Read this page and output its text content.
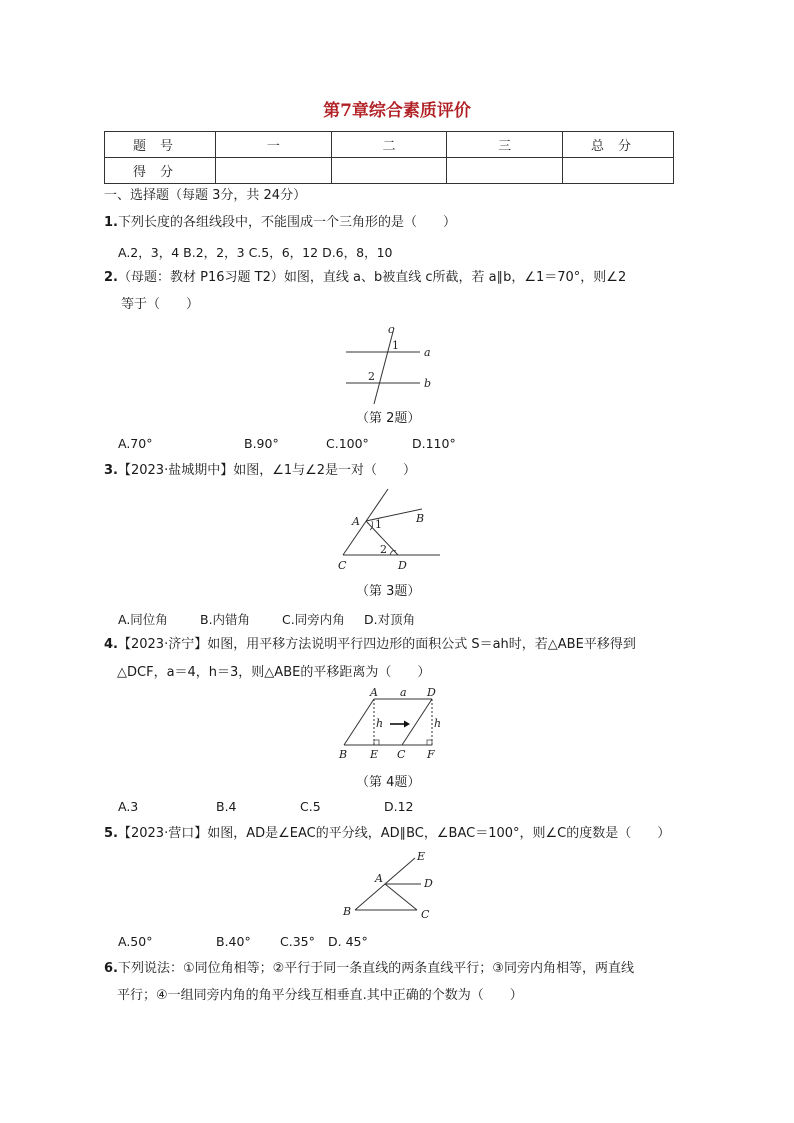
第7章综合素质评价
题号	一	二	三	总分
得分				
一、选择题（每题 3分，共 24分）
1.下列长度的各组线段中，不能围成一个三角形的是（　　）
A.2，3，4 B.2，2，3 C.5，6，12 D.6，8，10
2.（母题：教材 P16习题 T2）如图，直线 a、b被直线 c所截，若 a∥b，∠1＝70°，则∠2
等于（　　）
c
1
a
2
b
（第 2题）
A.70°	B.90°	C.100°	D.110°
3.【2023·盐城期中】如图，∠1与∠2是一对（　　）
A 1	B
2
C	D
（第 3题）
A.同位角	B.内错角	C.同旁内角 D.对顶角
4.【2023·济宁】如图，用平移方法说明平行四边形的面积公式 S＝ah时，若△ABE平移得到
△DCF，a＝4，h＝3，则△ABE的平移距离为（　　）
A a D
h	h
B E C F
（第 4题）
A.3	B.4	C.5	D.12
5.【2023·营口】如图，AD是∠EAC的平分线，AD∥BC，∠BAC＝100°，则∠C的度数是（　　）
E
A	D
B	C
A.50°	B.40° C.35° D. 45°
6.下列说法：①同位角相等；②平行于同一条直线的两条直线平行；③同旁内角相等，两直线
平行；④一组同旁内角的角平分线互相垂直.其中正确的个数为（　　）
